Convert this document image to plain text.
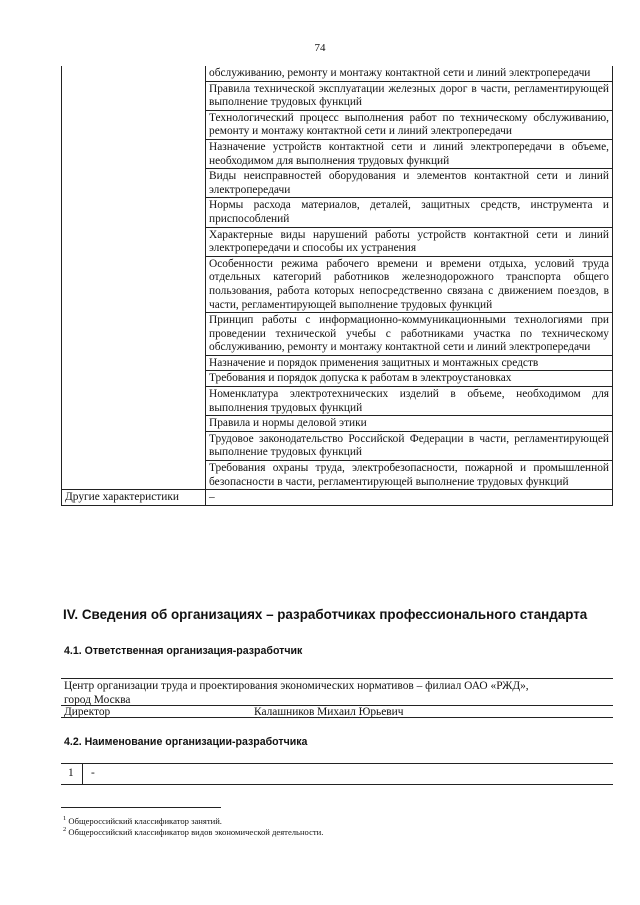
74
	обслуживанию, ремонту и монтажу контактной сети и линий электропередачи
	Правила технической эксплуатации железных дорог в части, регламентирующей выполнение трудовых функций
	Технологический процесс выполнения работ по техническому обслуживанию, ремонту и монтажу контактной сети и линий электропередачи
	Назначение устройств контактной сети и линий электропередачи в объеме, необходимом для выполнения трудовых функций
	Виды неисправностей оборудования и элементов контактной сети и линий электропередачи
	Нормы расхода материалов, деталей, защитных средств, инструмента и приспособлений
	Характерные виды нарушений работы устройств контактной сети и линий электропередачи и способы их устранения
	Особенности режима рабочего времени и времени отдыха, условий труда отдельных категорий работников железнодорожного транспорта общего пользования, работа которых непосредственно связана с движением поездов, в части, регламентирующей выполнение трудовых функций
	Принцип работы с информационно-коммуникационными технологиями при проведении технической учебы с работниками участка по техническому обслуживанию, ремонту и монтажу контактной сети и линий электропередачи
	Назначение и порядок применения защитных и монтажных средств
	Требования и порядок допуска к работам в электроустановках
	Номенклатура электротехнических изделий в объеме, необходимом для выполнения трудовых функций
	Правила и нормы деловой этики
	Трудовое законодательство Российской Федерации в части, регламентирующей выполнение трудовых функций
	Требования охраны труда, электробезопасности, пожарной и промышленной безопасности в части, регламентирующей выполнение трудовых функций
Другие характеристики	–
IV. Сведения об организациях – разработчиках профессионального стандарта
4.1. Ответственная организация-разработчик
Центр организации труда и проектирования экономических нормативов – филиал ОАО «РЖД»,
город Москва
Директор	Калашников Михаил Юрьевич
4.2. Наименование организации-разработчика
1 -
$^1$ Общероссийский классификатор занятий.
$^2$ Общероссийский классификатор видов экономической деятельности.
